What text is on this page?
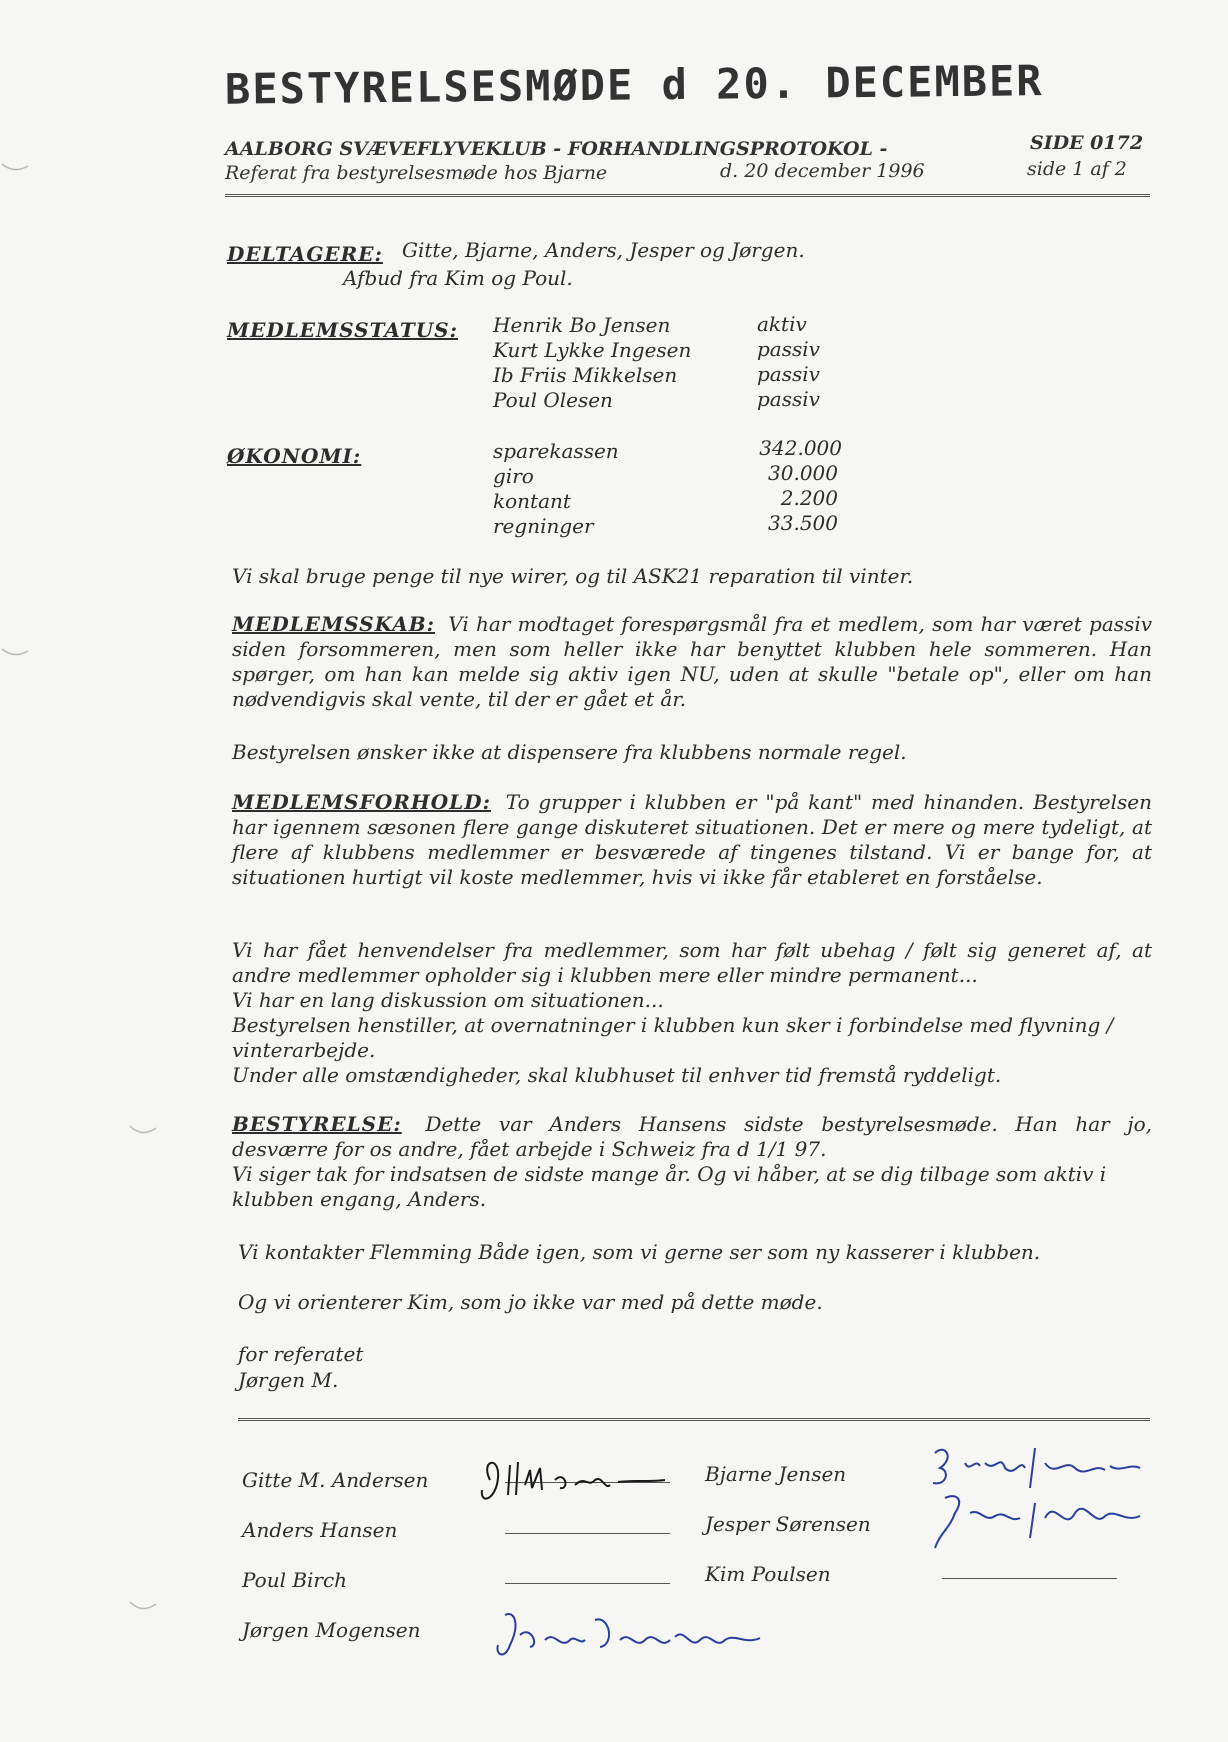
BESTYRELSESMØDE d 20. DECEMBER
AALBORG SVÆVEFLYVEKLUB - FORHANDLINGSPROTOKOL -
Referat fra bestyrelsesmøde hos Bjarne	d. 20 december 1996
SIDE 0172
side 1 af 2
DELTAGERE: Gitte, Bjarne, Anders, Jesper og Jørgen.
Afbud fra Kim og Poul.
MEDLEMSSTATUS: Henrik Bo Jensen	aktiv
Kurt Lykke Ingesen	passiv
Ib Friis Mikkelsen	passiv
Poul Olesen	passiv
ØKONOMI:	sparekassen	342.000
giro	30.000
kontant	2.200
regninger	33.500
Vi skal bruge penge til nye wirer, og til ASK21 reparation til vinter.
MEDLEMSSKAB: Vi har modtaget forespørgsmål fra et medlem, som har været passiv siden forsommeren, men som heller ikke har benyttet klubben hele sommeren. Han spørger, om han kan melde sig aktiv igen NU, uden at skulle "betale op", eller om han nødvendigvis skal vente, til der er gået et år.
Bestyrelsen ønsker ikke at dispensere fra klubbens normale regel.
MEDLEMSFORHOLD: To grupper i klubben er "på kant" med hinanden. Bestyrelsen har igennem sæsonen flere gange diskuteret situationen. Det er mere og mere tydeligt, at flere af klubbens medlemmer er besværede af tingenes tilstand. Vi er bange for, at situationen hurtigt vil koste medlemmer, hvis vi ikke får etableret en forståelse.
Vi har fået henvendelser fra medlemmer, som har følt ubehag / følt sig generet af, at andre medlemmer opholder sig i klubben mere eller mindre permanent...
Vi har en lang diskussion om situationen...
Bestyrelsen henstiller, at overnatninger i klubben kun sker i forbindelse med flyvning / vinterarbejde.
Under alle omstændigheder, skal klubhuset til enhver tid fremstå ryddeligt.
BESTYRELSE: Dette var Anders Hansens sidste bestyrelsesmøde. Han har jo, desværre for os andre, fået arbejde i Schweiz fra d 1/1 97.
Vi siger tak for indsatsen de sidste mange år. Og vi håber, at se dig tilbage som aktiv i klubben engang, Anders.
Vi kontakter Flemming Både igen, som vi gerne ser som ny kasserer i klubben.
Og vi orienterer Kim, som jo ikke var med på dette møde.
for referatet
Jørgen M.
Gitte M. Andersen
Anders Hansen
Poul Birch
Jørgen Mogensen
Bjarne Jensen
Jesper Sørensen
Kim Poulsen
